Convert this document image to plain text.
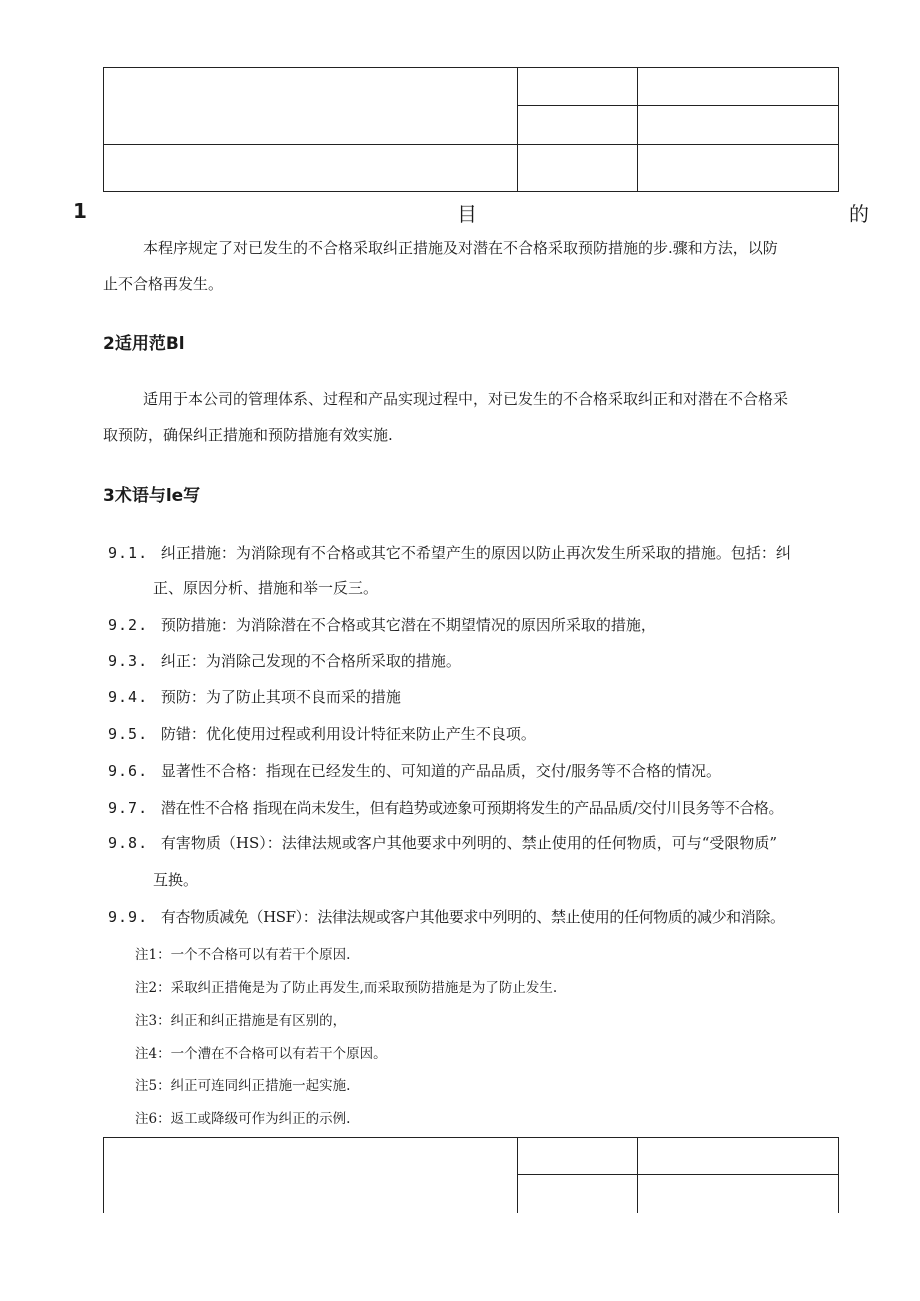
1	目	的
本程序规定了对已发生的不合格采取纠正措施及对潜在不合格采取预防措施的步.骤和方法，以防
止不合格再发生。
2适用范Bl
适用于本公司的管理体系、过程和产品实现过程中，对已发生的不合格采取纠正和对潜在不合格采
取预防，确保纠正措施和预防措施有效实施.
3术语与le写
9.1. 纠正措施：为消除现有不合格或其它不希望产生的原因以防止再次发生所采取的措施。包括：纠
正、原因分析、措施和举一反三。
9.2. 预防措施：为消除潜在不合格或其它潜在不期望情况的原因所采取的措施，
9.3. 纠正：为消除己发现的不合格所采取的措施。
9.4. 预防：为了防止其项不良而采的措施
9.5. 防错：优化使用过程或利用设计特征来防止产生不良项。
9.6. 显著性不合格：指现在已经发生的、可知道的产品品质，交付/服务等不合格的情况。
9.7. 潜在性不合格 指现在尚未发生，但有趋势或迹象可预期将发生的产品品质/交付川艮务等不合格。
9.8. 有害物质（HS）：法律法规或客户其他要求中列明的、禁止使用的任何物质，可与“受限物质”
互换。
9.9. 有杏物质减免（HSF）：法律法规或客户其他要求中列明的、禁止使用的任何物质的减少和消除。
注1：一个不合格可以有若干个原因.
注2：采取纠正措俺是为了防止再发生,而采取预防措施是为了防止发生.
注3：纠正和纠正措施是有区别的，
注4：一个漕在不合格可以有若干个原因。
注5：纠正可连同纠正措施一起实施.
注6：返工或降级可作为纠正的示例.
